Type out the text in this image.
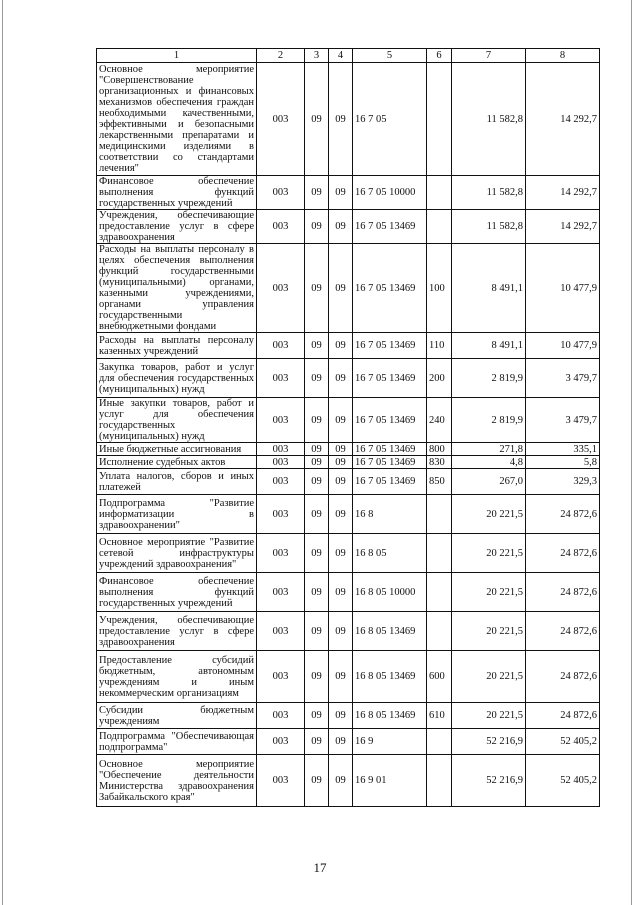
1	2	3	4	5	6	7	8
Основное мероприятие "Совершенствование организационных и финансовых механизмов обеспечения граждан необходимыми качественными, эффективными и безопасными лекарственными препаратами и медицинскими изделиями в соответствии со стандартами лечения"	003	09	09	16 7 05		11 582,8	14 292,7
Финансовое обеспечение выполнения функций государственных учреждений	003	09	09	16 7 05 10000		11 582,8	14 292,7
Учреждения, обеспечивающие предоставление услуг в сфере здравоохранения	003	09	09	16 7 05 13469		11 582,8	14 292,7
Расходы на выплаты персоналу в целях обеспечения выполнения функций государственными (муниципальными) органами, казенными учреждениями, органами управления государственными внебюджетными фондами	003	09	09	16 7 05 13469	100	8 491,1	10 477,9
Расходы на выплаты персоналу казенных учреждений	003	09	09	16 7 05 13469	110	8 491,1	10 477,9
Закупка товаров, работ и услуг для обеспечения государственных (муниципальных) нужд	003	09	09	16 7 05 13469	200	2 819,9	3 479,7
Иные закупки товаров, работ и услуг для обеспечения государственных (муниципальных) нужд	003	09	09	16 7 05 13469	240	2 819,9	3 479,7
Иные бюджетные ассигнования	003	09	09	16 7 05 13469	800	271,8	335,1
Исполнение судебных актов	003	09	09	16 7 05 13469	830	4,8	5,8
Уплата налогов, сборов и иных платежей	003	09	09	16 7 05 13469	850	267,0	329,3
Подпрограмма "Развитие информатизации в здравоохранении"	003	09	09	16 8		20 221,5	24 872,6
Основное мероприятие "Развитие сетевой инфраструктуры учреждений здравоохранения"	003	09	09	16 8 05		20 221,5	24 872,6
Финансовое обеспечение выполнения функций государственных учреждений	003	09	09	16 8 05 10000		20 221,5	24 872,6
Учреждения, обеспечивающие предоставление услуг в сфере здравоохранения	003	09	09	16 8 05 13469		20 221,5	24 872,6
Предоставление субсидий бюджетным, автономным учреждениям и иным некоммерческим организациям	003	09	09	16 8 05 13469	600	20 221,5	24 872,6
Субсидии бюджетным учреждениям	003	09	09	16 8 05 13469	610	20 221,5	24 872,6
Подпрограмма "Обеспечивающая подпрограмма"	003	09	09	16 9		52 216,9	52 405,2
Основное мероприятие "Обеспечение деятельности Министерства здравоохранения Забайкальского края"	003	09	09	16 9 01		52 216,9	52 405,2
17
